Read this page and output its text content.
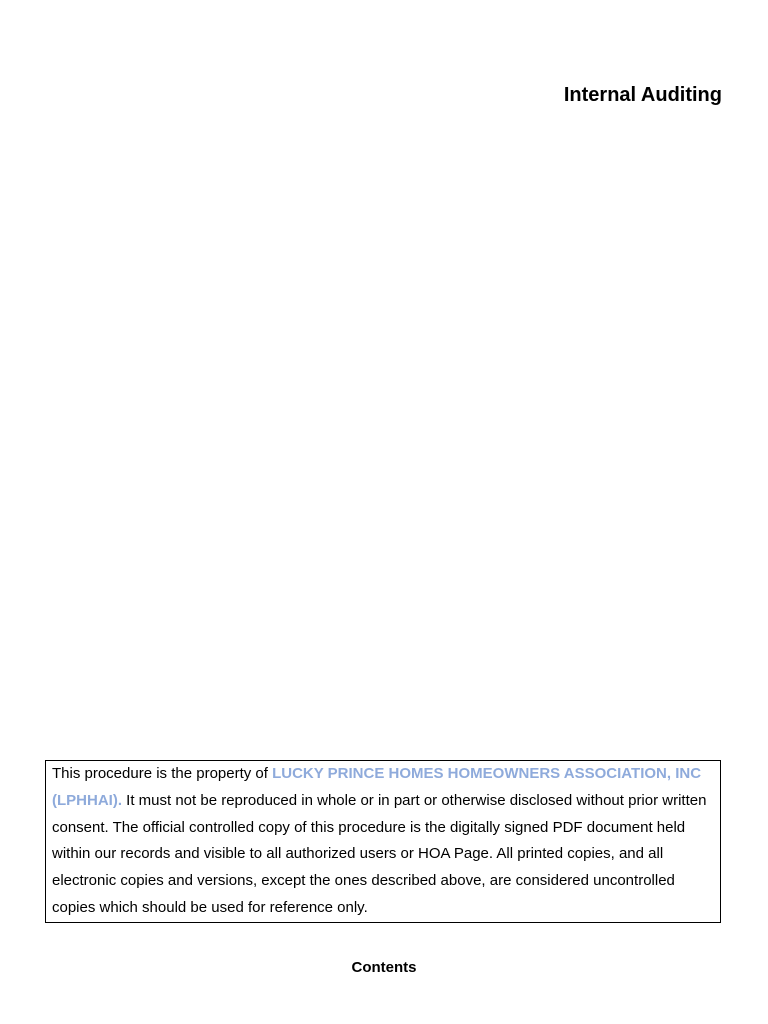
Internal Auditing

This procedure is the property of LUCKY PRINCE HOMES HOMEOWNERS ASSOCIATION, INC (LPHHAI). It must not be reproduced in whole or in part or otherwise disclosed without prior written consent. The official controlled copy of this procedure is the digitally signed PDF document held within our records and visible to all authorized users or HOA Page. All printed copies, and all electronic copies and versions, except the ones described above, are considered uncontrolled copies which should be used for reference only.

Contents
